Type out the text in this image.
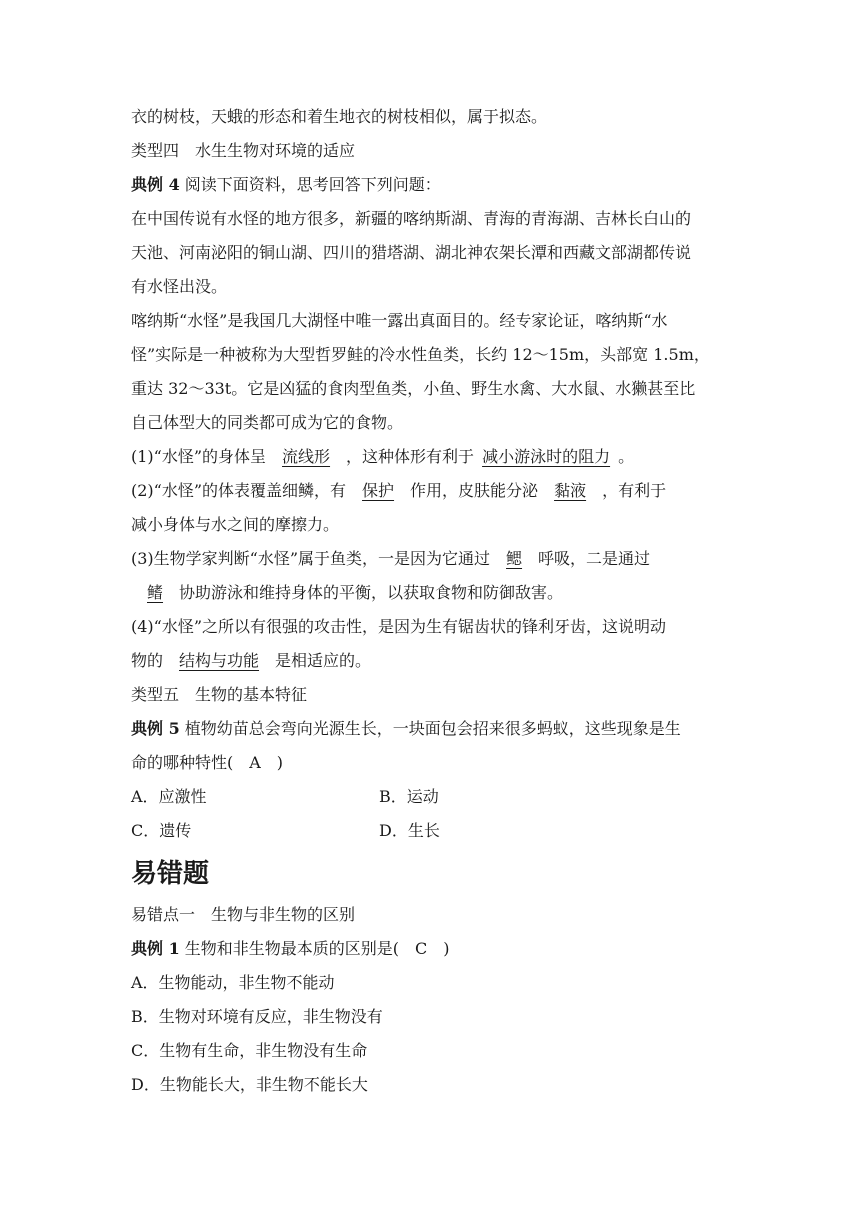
衣的树枝，天蛾的形态和着生地衣的树枝相似，属于拟态。

类型四　水生生物对环境的适应

典例 4 阅读下面资料，思考回答下列问题：

在中国传说有水怪的地方很多，新疆的喀纳斯湖、青海的青海湖、吉林长白山的

天池、河南泌阳的铜山湖、四川的猎塔湖、湖北神农架长潭和西藏文部湖都传说

有水怪出没。

喀纳斯“水怪”是我国几大湖怪中唯一露出真面目的。经专家论证，喀纳斯“水

怪”实际是一种被称为大型哲罗鲑的冷水性鱼类，长约 12～15m，头部宽 1.5m，

重达 32～33t。它是凶猛的食肉型鱼类，小鱼、野生水禽、大水鼠、水獭甚至比

自己体型大的同类都可成为它的食物。

(1)“水怪”的身体呈 流线形 ，这种体形有利于 减小游泳时的阻力 。

(2)“水怪”的体表覆盖细鳞，有 保护 作用，皮肤能分泌 黏液 ，有利于

减小身体与水之间的摩擦力。

(3)生物学家判断“水怪”属于鱼类，一是因为它通过 鳃 呼吸，二是通过

鳍 协助游泳和维持身体的平衡，以获取食物和防御敌害。

(4)“水怪”之所以有很强的攻击性，是因为生有锯齿状的锋利牙齿，这说明动

物的 结构与功能 是相适应的。

类型五　生物的基本特征

典例 5 植物幼苗总会弯向光源生长，一块面包会招来很多蚂蚁，这些现象是生

命的哪种特性(　A　)

A．应激性	B．运动

C．遗传	D．生长

易错题

易错点一　生物与非生物的区别

典例 1 生物和非生物最本质的区别是(　C　)

A．生物能动，非生物不能动

B．生物对环境有反应，非生物没有

C．生物有生命，非生物没有生命

D．生物能长大，非生物不能长大
